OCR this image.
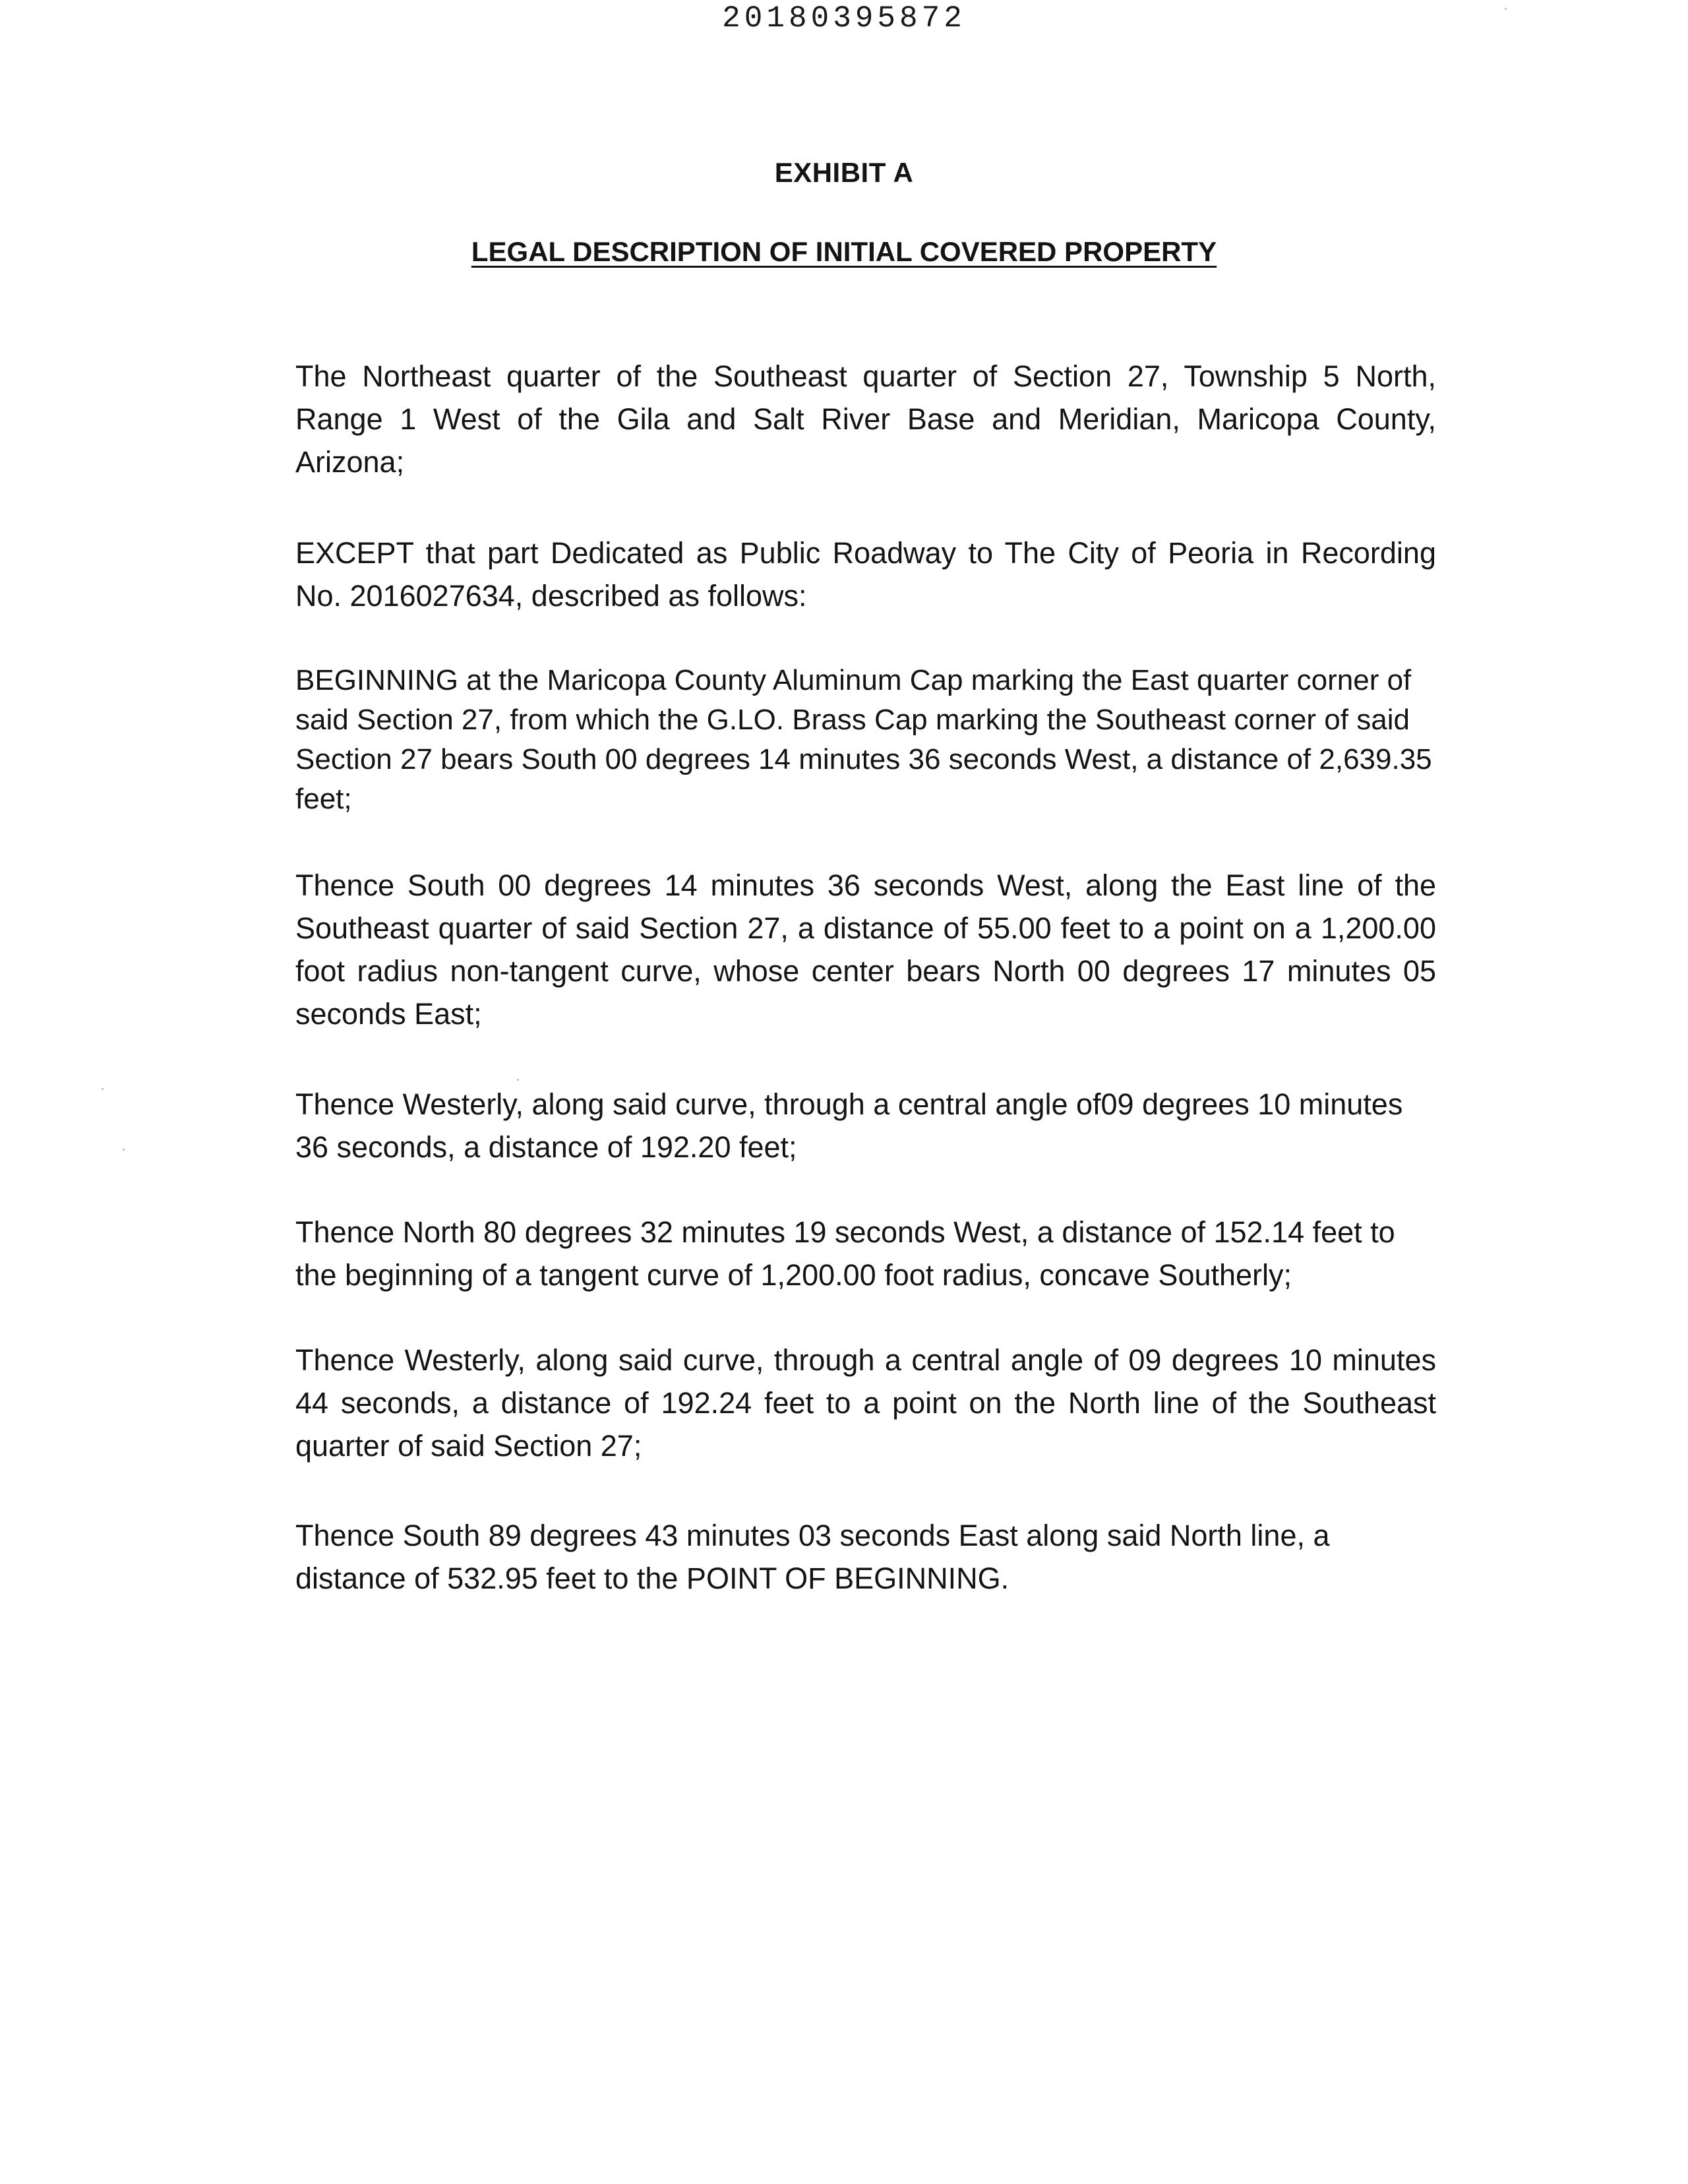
20180395872
EXHIBIT A
LEGAL DESCRIPTION OF INITIAL COVERED PROPERTY

The Northeast quarter of the Southeast quarter of Section 27, Township 5 North, Range 1 West of the Gila and Salt River Base and Meridian, Maricopa County, Arizona;

EXCEPT that part Dedicated as Public Roadway to The City of Peoria in Recording No. 2016027634, described as follows:

BEGINNING at the Maricopa County Aluminum Cap marking the East quarter corner of said Section 27, from which the G.LO. Brass Cap marking the Southeast corner of said Section 27 bears South 00 degrees 14 minutes 36 seconds West, a distance of 2,639.35 feet;

Thence South 00 degrees 14 minutes 36 seconds West, along the East line of the Southeast quarter of said Section 27, a distance of 55.00 feet to a point on a 1,200.00 foot radius non-tangent curve, whose center bears North 00 degrees 17 minutes 05 seconds East;

Thence Westerly, along said curve, through a central angle of09 degrees 10 minutes 36 seconds, a distance of 192.20 feet;

Thence North 80 degrees 32 minutes 19 seconds West, a distance of 152.14 feet to the beginning of a tangent curve of 1,200.00 foot radius, concave Southerly;

Thence Westerly, along said curve, through a central angle of 09 degrees 10 minutes 44 seconds, a distance of 192.24 feet to a point on the North line of the Southeast quarter of said Section 27;

Thence South 89 degrees 43 minutes 03 seconds East along said North line, a distance of 532.95 feet to the POINT OF BEGINNING.
